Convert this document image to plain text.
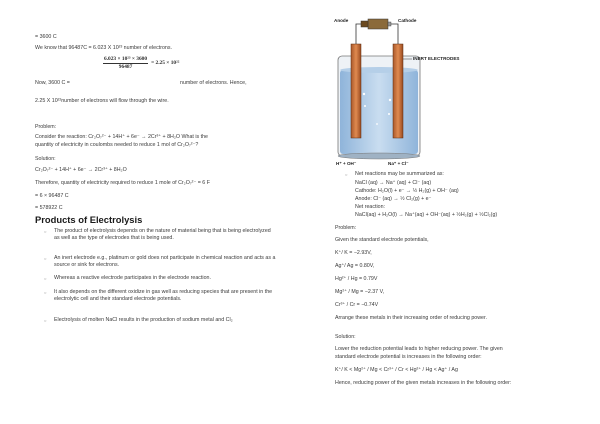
= 3600 C
We know that 96487C = 6.023 X 10²³ number of electrons.
$\frac{\text{6.023 × 10²³ × 3600}}{96487} = 2.25 \times 10^{22}$
Now, 3600 C =	number of electrons. Hence,
2.25 X 10²²number of electrons will flow through the wire.
Problem:
Consider the reaction: Cr₂O₇²⁻ + 14H⁺ + 6e⁻ → 2Cr³⁺ + 8H₂O What is the
quantity of electricity in coulombs needed to reduce 1 mol of Cr₂O₇²⁻?
Solution:
Cr₂O₇²⁻ + 14H⁺ + 6e⁻ → 2Cr³⁺ + 8H₂O
Therefore, quantity of electricity required to reduce 1 mole of Cr₂O₇²⁻ = 6 F
= 6 × 96487 C
= 578922 C
Products of Electrolysis
○ The product of electrolysis depends on the nature of material being that is being electrolyzed as well as the type of electrodes that is being used.
○ An inert electrode e.g., platinum or gold does not participate in chemical reaction and acts as a source or sink for electrons.
○ Whereas a reactive electrode participates in the electrode reaction.
○ It also depends on the different oxidize in gas well as reducing species that are present in the electrolytic cell and their standard electrode potentials.
○ Electrolysis of molten NaCl results in the production of sodium metal and Cl₂
Anode	Cathode
INERT ELECTRODES
H⁺ + OH⁻	Na⁺ + Cl⁻
○ Net reactions may be summarized as:
NaCl (aq) → Na⁺ (aq) + Cl⁻ (aq)
Cathode: H₂O(l) + e⁻ → ½ H₂(g) + OH⁻ (aq)
Anode: Cl⁻ (aq) → ½ Cl₂(g) + e⁻
Net reaction:
NaCl(aq) + H₂O(l) → Na⁺(aq) + OH⁻(aq) + ½H₂(g) + ½Cl₂(g)
Problem:
Given the standard electrode potentials,
K⁺/ K = −2.93V,
Ag⁺/ Ag = 0.80V,
Hg²⁺ / Hg = 0.79V
Mg²⁺ / Mg = −2.37 V,
Cr³⁺ / Cr = −0.74V
Arrange these metals in their increasing order of reducing power.
Solution:
Lower the reduction potential leads to higher reducing power. The given
standard electrode potential is increases in the following order:
K⁺/ K < Mg²⁺ / Mg < Cr³⁺ / Cr < Hg²⁺ / Hg < Ag⁺ / Ag
Hence, reducing power of the given metals increases in the following order:
